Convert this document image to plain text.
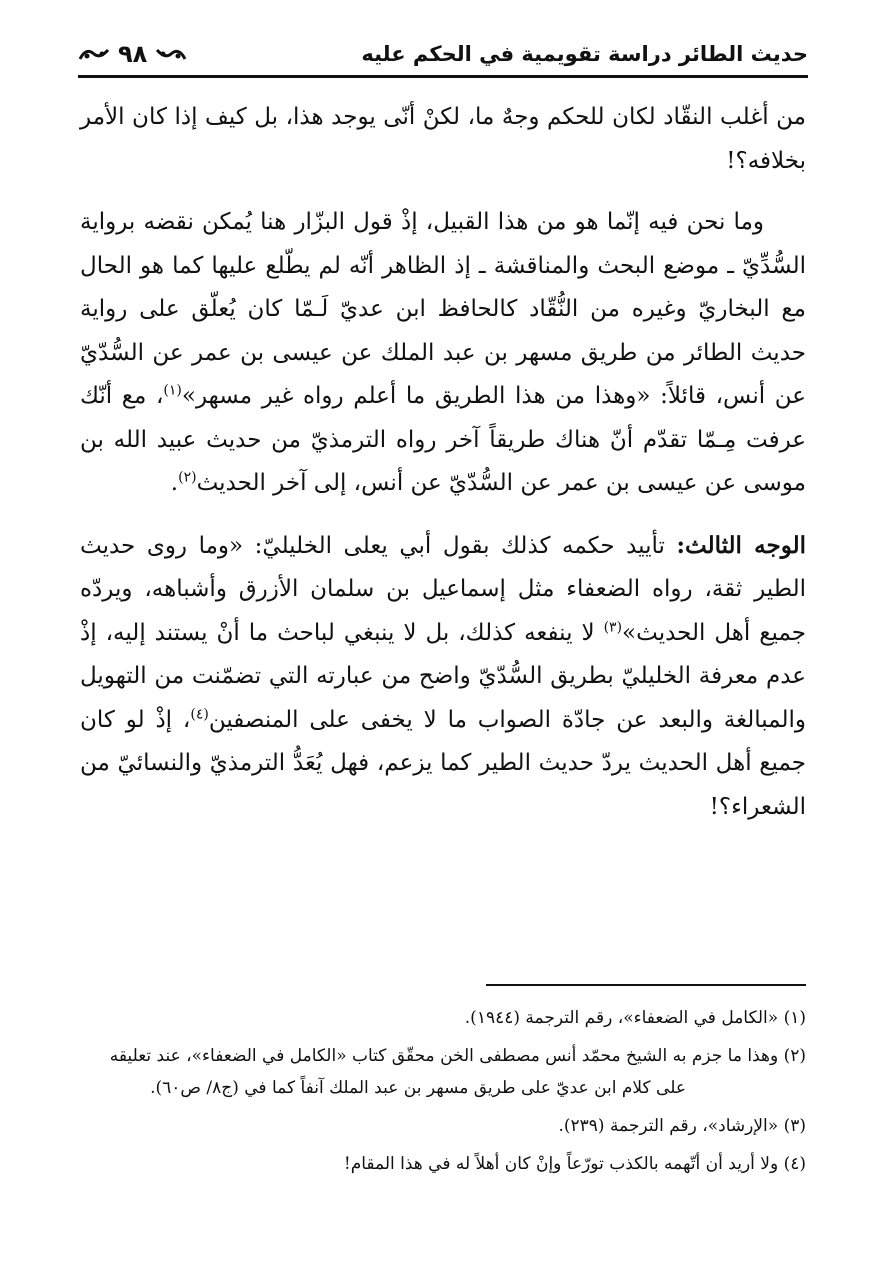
حديث الطائر دراسة تقويمية في الحكم عليه
٩٨

من أغلب النقّاد لكان للحكم وجهٌ ما، لكنْ أنّى يوجد هذا، بل كيف إذا كان الأمر بخلافه؟!

وما نحن فيه إنّما هو من هذا القبيل، إذْ قول البزّار هنا يُمكن نقضه برواية السُّدِّيّ ـ موضع البحث والمناقشة ـ إذ الظاهر أنّه لم يطّلع عليها كما هو الحال مع البخاريّ وغيره من النُّقّاد كالحافظ ابن عديّ لَـمّا كان يُعلّق على رواية حديث الطائر من طريق مسهر بن عبد الملك عن عيسى بن عمر عن السُّدّيّ عن أنس، قائلاً: «وهذا من هذا الطريق ما أعلم رواه غير مسهر»$^{(١)}$، مع أنّك عرفت مِـمّا تقدّم أنّ هناك طريقاً آخر رواه الترمذيّ من حديث عبيد الله بن موسى عن عيسى بن عمر عن السُّدّيّ عن أنس، إلى آخر الحديث$^{(٢)}$.

الوجه الثالث: تأييد حكمه كذلك بقول أبي يعلى الخليليّ: «وما روى حديث الطير ثقة، رواه الضعفاء مثل إسماعيل بن سلمان الأزرق وأشباهه، ويردّه جميع أهل الحديث»$^{(٣)}$ لا ينفعه كذلك، بل لا ينبغي لباحث ما أنْ يستند إليه، إذْ عدم معرفة الخليليّ بطريق السُّدّيّ واضح من عبارته التي تضمّنت من التهويل والمبالغة والبعد عن جادّة الصواب ما لا يخفى على المنصفين$^{(٤)}$، إذْ لو كان جميع أهل الحديث يردّ حديث الطير كما يزعم، فهل يُعَدُّ الترمذيّ والنسائيّ من الشعراء؟!

(١) «الكامل في الضعفاء»، رقم الترجمة (١٩٤٤).
(٢) وهذا ما جزم به الشيخ محمّد أنس مصطفى الخن محقّق كتاب «الكامل في الضعفاء»، عند تعليقه
على كلام ابن عديّ على طريق مسهر بن عبد الملك آنفاً كما في (ج٨/ ص٦٠).
(٣) «الإرشاد»، رقم الترجمة (٢٣٩).
(٤) ولا أريد أن أتّهمه بالكذب تورّعاً وإنْ كان أهلاً له في هذا المقام!
